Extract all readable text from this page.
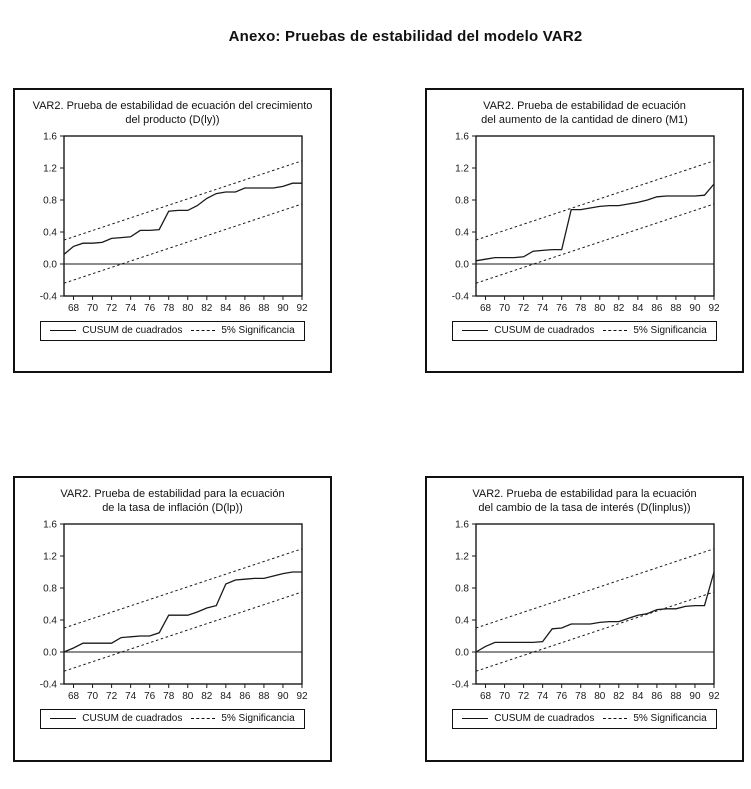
Anexo: Pruebas de estabilidad del modelo VAR2
VAR2. Prueba de estabilidad de ecuación del crecimiento
del producto (D(ly))
-0.4
0.0
0.4
0.8
1.2
1.6
68 70 72 74 76 78 80 82 84 86 88 90 92
CUSUM de cuadrados	5% Significancia
VAR2. Prueba de estabilidad de ecuación
del aumento de la cantidad de dinero (M1)
-0.4
0.0
0.4
0.8
1.2
1.6
68 70 72 74 76 78 80 82 84 86 88 90 92
CUSUM de cuadrados	5% Significancia
VAR2. Prueba de estabilidad para la ecuación
de la tasa de inflación (D(lp))
-0.4
0.0
0.4
0.8
1.2
1.6
68 70 72 74 76 78 80 82 84 86 88 90 92
CUSUM de cuadrados	5% Significancia
VAR2. Prueba de estabilidad para la ecuación
del cambio de la tasa de interés (D(linplus))
-0.4
0.0
0.4
0.8
1.2
1.6
68 70 72 74 76 78 80 82 84 86 88 90 92
CUSUM de cuadrados	5% Significancia
